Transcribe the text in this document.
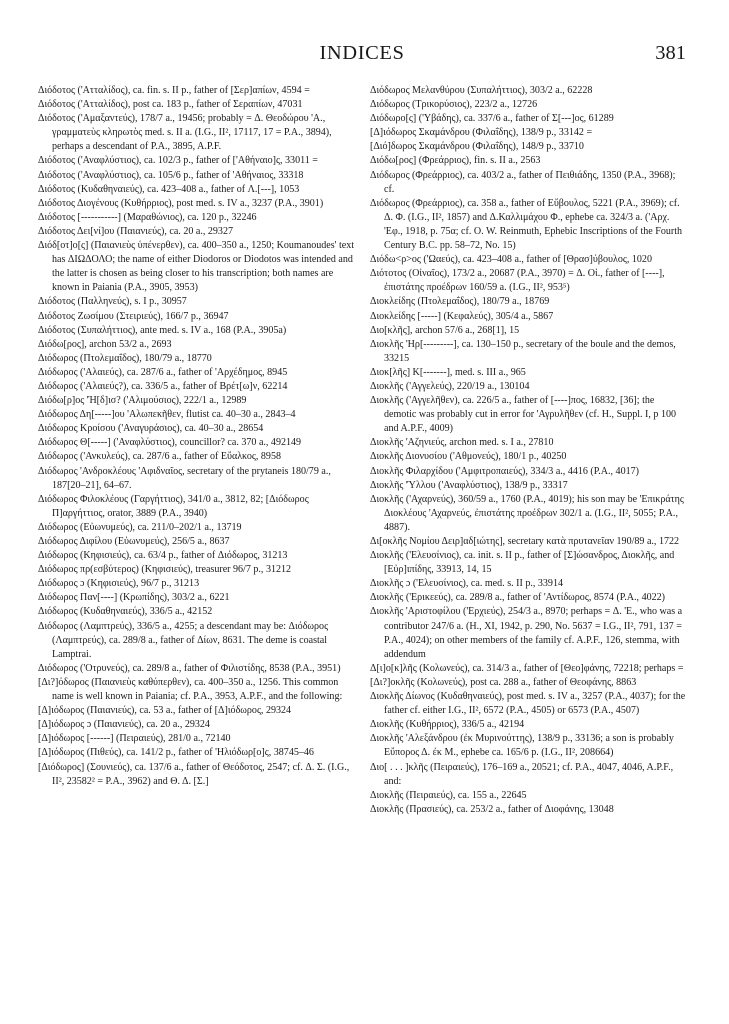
INDICES	381

Διόδοτος ('Ατταλίδος), ca. fin. s. II p., father of [Σερ]απίων, 4594 =

Διόδοτος ('Ατταλίδος), post ca. 183 p., father of Σεραπίων, 47031

Διόδοτος ('Αμαξαντεύς), 178/7 a., 19456; probably = Δ. Θεοδώρου 'Α., γραμματεὺς κληρωτὸς med. s. II a. (I.G., II², 17117, 17 = P.A., 3894), perhaps a descendant of P.A., 3895, A.P.F.

Διόδοτος ('Αναφλύστιος), ca. 102/3 p., father of ['Αθήναιο]ς, 33011 =

Διόδοτος ('Αναφλύστιος), ca. 105/6 p., father of 'Αθήναιος, 33318

Διόδοτος (Κυδαθηναιεύς), ca. 423–408 a., father of Λ.[---], 1053

Διόδοτος Διογένους (Κυθήρριος), post med. s. IV a., 3237 (P.A., 3901)

Διόδοτος [-----------] (Μαραθώνιος), ca. 120 p., 32246

Διόδοτος Δει[νί]ου (Παιανιεύς), ca. 20 a., 29327

Διόδ[οτ]ο[ς] (Παιανιεὺς ὑπένερθεν), ca. 400–350 a., 1250; Koumanoudes' text has ΔΙΩΔΟΛΟ; the name of either Diodoros or Diodotos was intended and the latter is chosen as being closer to his transcription; both names are known in Paiania (P.A., 3905, 3953)

Διόδοτος (Παλληνεύς), s. I p., 30957

Διόδοτος Ζωσίμου (Στειριεύς), 166/7 p., 36947

Διόδοτος (Συπαλήττιος), ante med. s. IV a., 168 (P.A., 3905a)

Διόδω[ρος], archon 53/2 a., 2693

Διόδωρος (Πτολεμαΐδος), 180/79 a., 18770

Διόδωρος ('Αλαιεύς), ca. 287/6 a., father of 'Αρχέδημος, 8945

Διόδωρος ('Αλαιεύς?), ca. 336/5 a., father of Βρέτ[ω]ν, 62214

Διόδω[ρ]ος 'Ή[δ]ισ? ('Αλιμούσιος), 222/1 a., 12989

Διόδωρος Δη[-----]ου 'Αλωπεκῆθεν, flutist ca. 40–30 a., 2843–4

Διόδωρος Κροίσου ('Αναγυράσιος), ca. 40–30 a., 28654

Διόδωρος Θ[-----] ('Αναφλύστιος), councillor? ca. 370 a., 492149

Διόδωρος ('Ανκυλεύς), ca. 287/6 a., father of Εὔαλκος, 8958

Διόδωρος 'Ανδροκλέους 'Αφιδναῖος, secretary of the prytaneis 180/79 a., 187[20–21], 64–67.

Διόδωρος Φιλοκλέους (Γαργήττιος), 341/0 a., 3812, 82; [Διόδωρος Π]αργήττιος, orator, 3889 (P.A., 3940)

Διόδωρος (Εὐωνυμεύς), ca. 211/0–202/1 a., 13719

Διόδωρος Διφίλου (Εὐωνυμεύς), 256/5 a., 8637

Διόδωρος (Κηφισιεύς), ca. 63/4 p., father of Διόδωρος, 31213

Διόδωρος πρ(εσβύτερος) (Κηφισιεύς), treasurer 96/7 p., 31212

Διόδωρος ɔ (Κηφισιεύς), 96/7 p., 31213

Διόδωρος Παν[----] (Κρωπίδης), 303/2 a., 6221

Διόδωρος (Κυδαθηναιεύς), 336/5 a., 42152

Διόδωρος (Λαμπτρεύς), 336/5 a., 4255; a descendant may be: Διόδωρος (Λαμπτρεύς), ca. 289/8 a., father of Δίων, 8631. The deme is coastal Lamptrai.

Διόδωρος ('Οτρυνεύς), ca. 289/8 a., father of Φιλιστίδης, 8538 (P.A., 3951)

[Δι?]όδωρος (Παιανιεὺς καθύπερθεν), ca. 400–350 a., 1256. This common name is well known in Paiania; cf. P.A., 3953, A.P.F., and the following:

[Δ]ιόδωρος (Παιανιεύς), ca. 53 a., father of [Δ]ιόδωρος, 29324

[Δ]ιόδωρος ɔ (Παιανιεύς), ca. 20 a., 29324

[Δ]ιόδωρος [------] (Πειραιεύς), 281/0 a., 72140

[Δ]ιόδωρος (Πιθεύς), ca. 141/2 p., father of 'Ηλιόδωρ[ο]ς, 38745–46

[Διόδωρος] (Σουνιεύς), ca. 137/6 a., father of Θεόδοτος, 2547; cf. Δ. Σ. (I.G., II², 23582² = P.A., 3962) and Θ. Δ. [Σ.]

Διόδωρος Μελανθύρου (Συπαλήττιος), 303/2 a., 62228

Διόδωρος (Τρικορύσιος), 223/2 a., 12726

Διόδωρο[ς] ('Υβάδης), ca. 337/6 a., father of Σ[---]ος, 61289

[Δ]ιόδωρος Σκαμάνδρου (Φιλαΐδης), 138/9 p., 33142 =

[Διό]δωρος Σκαμάνδρου (Φιλαΐδης), 148/9 p., 33710

Διόδω[ρος] (Φρεάρριος), fin. s. II a., 2563

Διόδωρος (Φρεάρριος), ca. 403/2 a., father of Πειθιάδης, 1350 (P.A., 3968); cf.

Διόδωρος (Φρεάρριος), ca. 358 a., father of Εὔβουλος, 5221 (P.A., 3969); cf. Δ. Φ. (I.G., II², 1857) and Δ.Καλλιμάχου Φ., ephebe ca. 324/3 a. ('Αρχ. 'Εφ., 1918, p. 75α; cf. O. W. Reinmuth, Ephebic Inscriptions of the Fourth Century B.C. pp. 58–72, No. 15)

Διόδω<ρ>ος ('Ωαεύς), ca. 423–408 a., father of [Θρασ]ύβουλος, 1020

Διότοτος (Οἰναῖος), 173/2 a., 20687 (P.A., 3970) = Δ. Οἰ., father of [----], ἐπιστάτης προέδρων 160/59 a. (I.G., II², 953⁵)

Διοκλείδης (Πτολεμαΐδος), 180/79 a., 18769

Διοκλείδης [-----] (Κεφαλεύς), 305/4 a., 5867

Διο[κλῆς], archon 57/6 a., 268[1], 15

Διοκλῆς 'Ηρ[---------], ca. 130–150 p., secretary of the boule and the demos, 33215

Διοκ[λῆς] Κ[-------], med. s. III a., 965

Διοκλῆς ('Αγγελεύς), 220/19 a., 130104

Διοκλῆς ('Αγγελῆθεν), ca. 226/5 a., father of [----]πος, 16832, [36]; the demotic was probably cut in error for 'Αγρυλῆθεν (cf. H., Suppl. I, p 100 and A.P.F., 4009)

Διοκλῆς 'Αζηνιεύς, archon med. s. I a., 27810

Διοκλῆς Διονυσίου ('Αθμονεύς), 180/1 p., 40250

Διοκλῆς Φιλαρχίδου ('Αμφιτροπαιεύς), 334/3 a., 4416 (P.A., 4017)

Διοκλῆς 'Ύλλου ('Αναφλύστιος), 138/9 p., 33317

Διοκλῆς ('Αχαρνεύς), 360/59 a., 1760 (P.A., 4019); his son may be 'Επικράτης Διοκλέους 'Αχαρνεύς, ἐπιστάτης προέδρων 302/1 a. (I.G., II², 5055; P.A., 4887).

Δι[οκλῆς Νομίου Δειρ]αδ[ιώτης], secretary κατὰ πρυτανεῖαν 190/89 a., 1722

Διοκλῆς ('Ελευσίνιος), ca. init. s. II p., father of [Σ]ώσανδρος, Διοκλῆς, and [Εὐρ]ιπίδης, 33913, 14, 15

Διοκλῆς ɔ ('Ελευσίνιος), ca. med. s. II p., 33914

Διοκλῆς ('Ερικεεύς), ca. 289/8 a., father of 'Αντίδωρος, 8574 (P.A., 4022)

Διοκλῆς 'Αριστοφίλου ('Ερχιεύς), 254/3 a., 8970; perhaps = Δ. 'Ε., who was a contributor 247/6 a. (H., XI, 1942, p. 290, No. 5637 = I.G., II², 791, 137 = P.A., 4024); on other members of the family cf. A.P.F., 126, stemma, with addendum

Δ[ι]ο[κ]λῆς (Κολωνεύς), ca. 314/3 a., father of [Θεο]φάνης, 72218; perhaps =

[Δι?]οκλῆς (Κολωνεύς), post ca. 288 a., father of Θεοφάνης, 8863

Διοκλῆς Δίωνος (Κυδαθηναιεύς), post med. s. IV a., 3257 (P.A., 4037); for the father cf. either I.G., II², 6572 (P.A., 4505) or 6573 (P.A., 4507)

Διοκλῆς (Κυθήρριος), 336/5 a., 42194

Διοκλῆς 'Αλεξάνδρου (ἐκ Μυρινούττης), 138/9 p., 33136; a son is probably Εὔπορος Δ. ἐκ Μ., ephebe ca. 165/6 p. (I.G., II², 208664)

Διο[ . . . ]κλῆς (Πειραιεύς), 176–169 a., 20521; cf. P.A., 4047, 4046, A.P.F., and:

Διοκλῆς (Πειραιεύς), ca. 155 a., 22645

Διοκλῆς (Πρασιεύς), ca. 253/2 a., father of Διοφάνης, 13048
